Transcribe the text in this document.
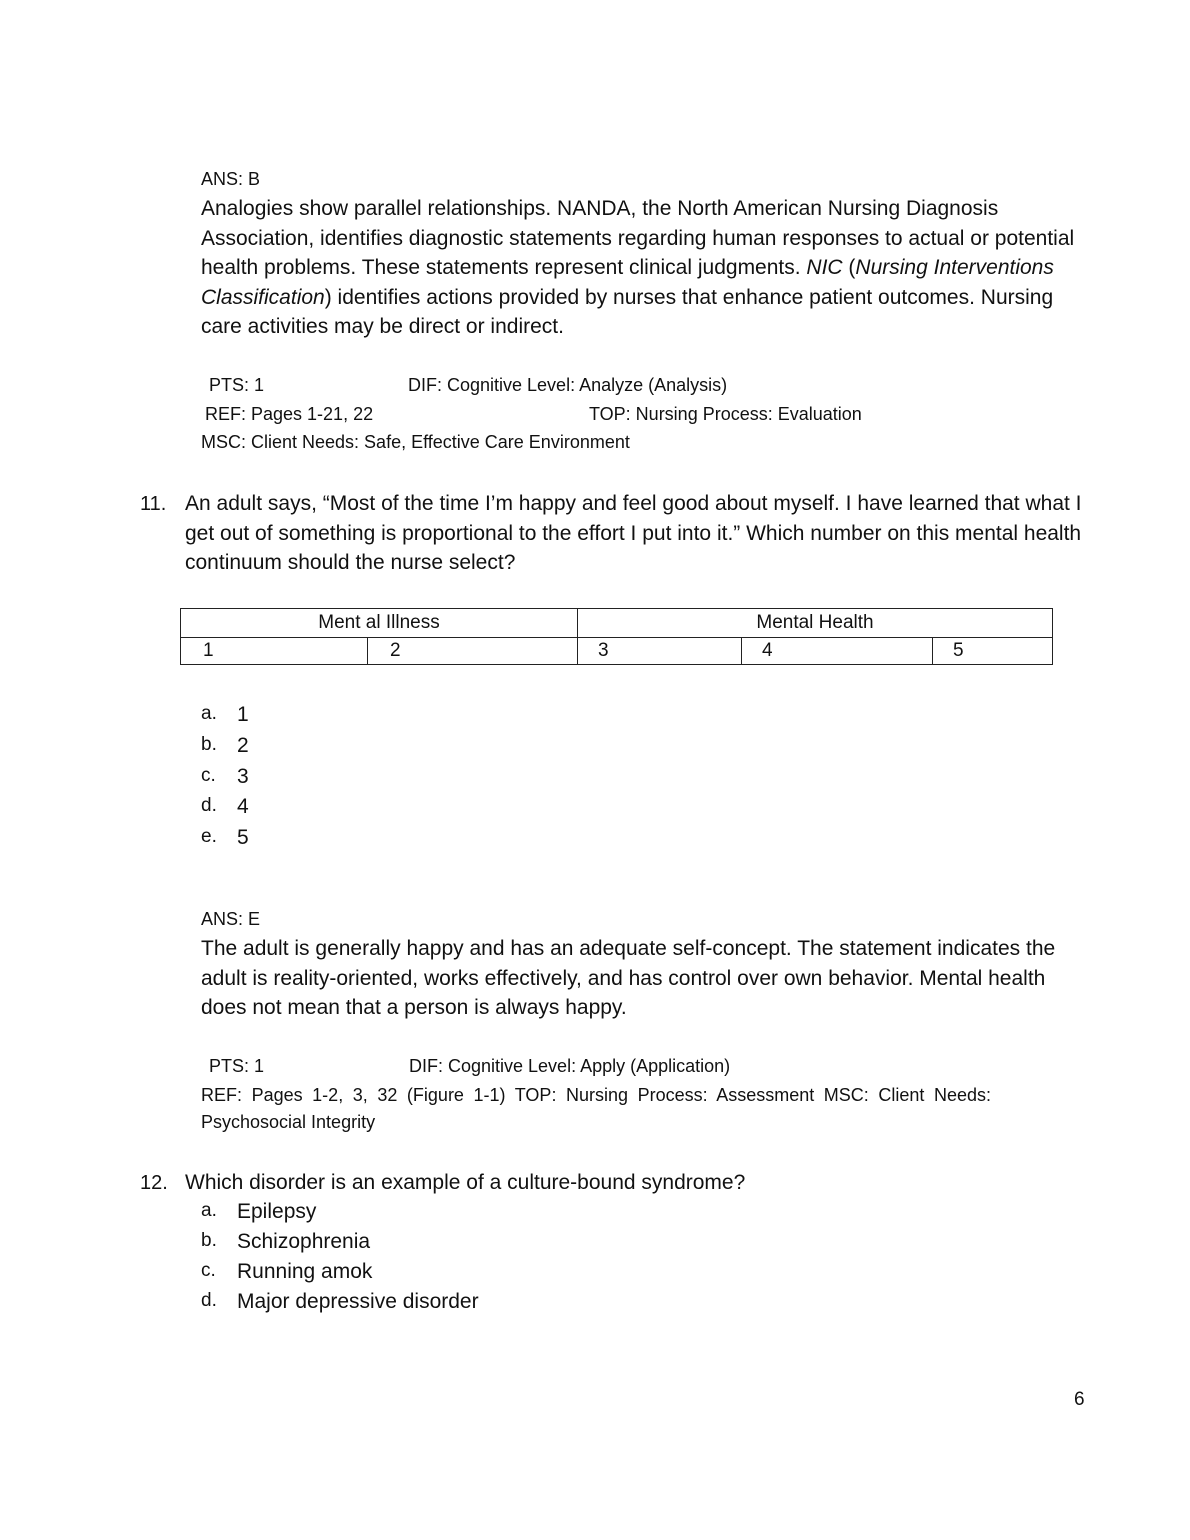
ANS: B
Analogies show parallel relationships. NANDA, the North American Nursing Diagnosis Association, identifies diagnostic statements regarding human responses to actual or potential health problems. These statements represent clinical judgments. NIC (Nursing Interventions Classification) identifies actions provided by nurses that enhance patient outcomes. Nursing care activities may be direct or indirect.
PTS: 1	DIF: Cognitive Level: Analyze (Analysis)
REF: Pages 1-21, 22	TOP: Nursing Process: Evaluation
MSC: Client Needs: Safe, Effective Care Environment
11. An adult says, “Most of the time I’m happy and feel good about myself. I have learned that what I get out of something is proportional to the effort I put into it.” Which number on this mental health continuum should the nurse select?
Ment al Illness		Mental Health		
1	2	3	4	5
a. 1
b. 2
c. 3
d. 4
e. 5
ANS: E
The adult is generally happy and has an adequate self-concept. The statement indicates the adult is reality-oriented, works effectively, and has control over own behavior. Mental health does not mean that a person is always happy.
PTS: 1	DIF: Cognitive Level: Apply (Application)
REF: Pages 1-2, 3, 32 (Figure 1-1) TOP: Nursing Process: Assessment MSC: Client Needs:
Psychosocial Integrity
12. Which disorder is an example of a culture-bound syndrome?
a. Epilepsy
b. Schizophrenia
c. Running amok
d. Major depressive disorder
6
